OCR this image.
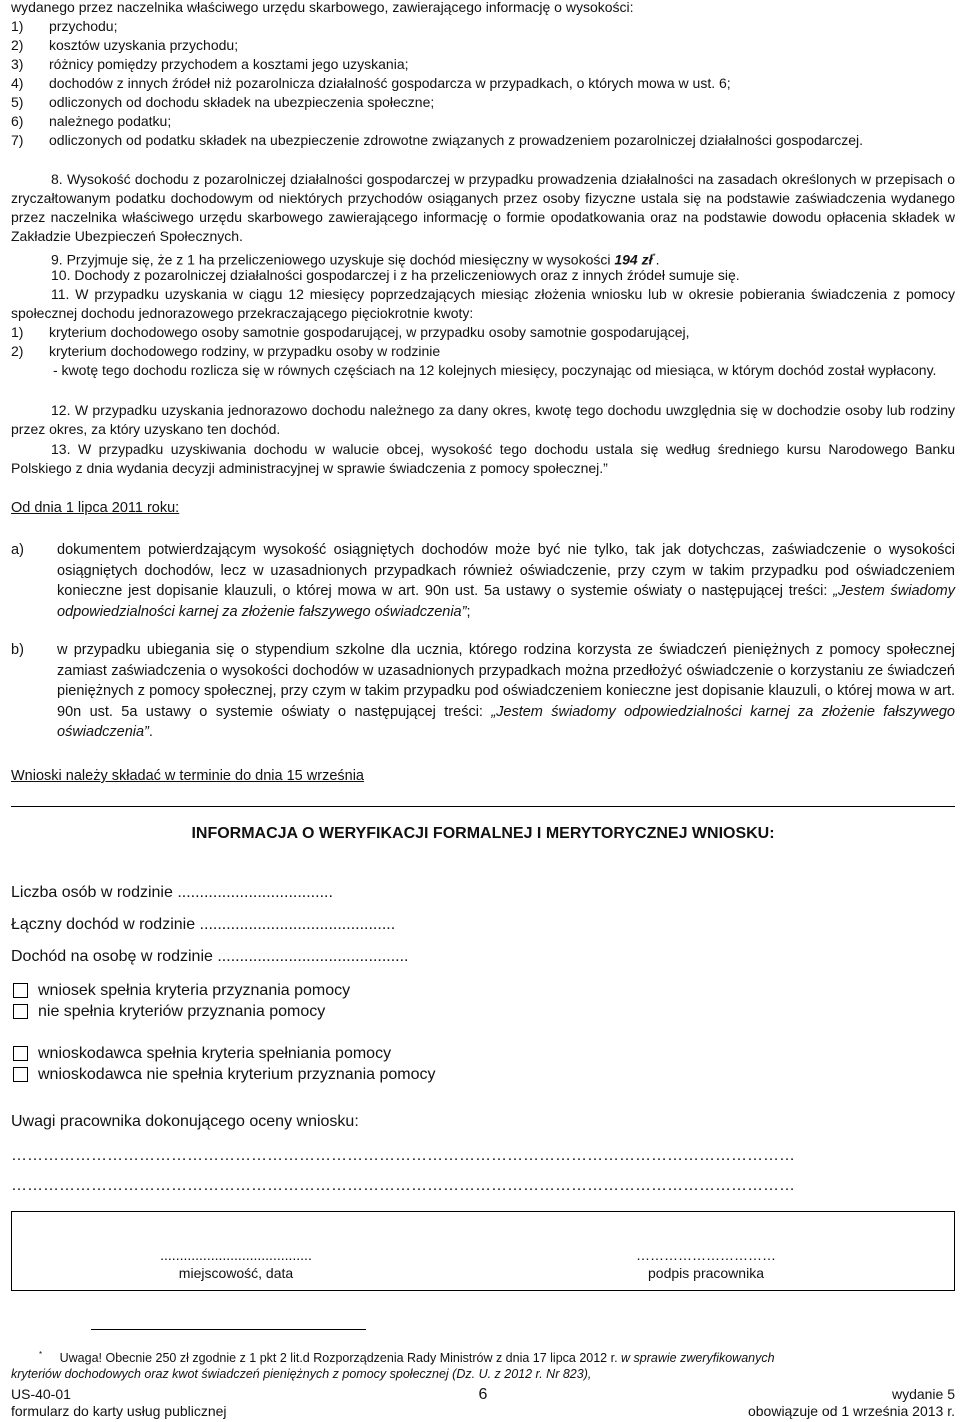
wydanego przez naczelnika właściwego urzędu skarbowego, zawierającego informację o wysokości:
1)	przychodu;
2)	kosztów uzyskania przychodu;
3)	różnicy pomiędzy przychodem a kosztami jego uzyskania;
4)	dochodów z innych źródeł niż pozarolnicza działalność gospodarcza w przypadkach, o których mowa w ust. 6;
5)	odliczonych od dochodu składek na ubezpieczenia społeczne;
6)	należnego podatku;
7)	odliczonych od podatku składek na ubezpieczenie zdrowotne związanych z prowadzeniem pozarolniczej działalności gospodarczej.

8. Wysokość dochodu z pozarolniczej działalności gospodarczej w przypadku prowadzenia działalności na zasadach określonych w przepisach o zryczałtowanym podatku dochodowym od niektórych przychodów osiąganych przez osoby fizyczne ustala się na podstawie zaświadczenia wydanego przez naczelnika właściwego urzędu skarbowego zawierającego informację o formie opodatkowania oraz na podstawie dowodu opłacenia składek w Zakładzie Ubezpieczeń Społecznych.

9. Przyjmuje się, że z 1 ha przeliczeniowego uzyskuje się dochód miesięczny w wysokości 194 zł*.

10. Dochody z pozarolniczej działalności gospodarczej i z ha przeliczeniowych oraz z innych źródeł sumuje się.

11. W przypadku uzyskania w ciągu 12 miesięcy poprzedzających miesiąc złożenia wniosku lub w okresie pobierania świadczenia z pomocy społecznej dochodu jednorazowego przekraczającego pięciokrotnie kwoty:

1)	kryterium dochodowego osoby samotnie gospodarującej, w przypadku osoby samotnie gospodarującej,
2)	kryterium dochodowego rodziny, w przypadku osoby w rodzinie

- kwotę tego dochodu rozlicza się w równych częściach na 12 kolejnych miesięcy, poczynając od miesiąca, w którym dochód został wypłacony.

12. W przypadku uzyskania jednorazowo dochodu należnego za dany okres, kwotę tego dochodu uwzględnia się w dochodzie osoby lub rodziny przez okres, za który uzyskano ten dochód.

13. W przypadku uzyskiwania dochodu w walucie obcej, wysokość tego dochodu ustala się według średniego kursu Narodowego Banku Polskiego z dnia wydania decyzji administracyjnej w sprawie świadczenia z pomocy społecznej.”

Od dnia 1 lipca 2011 roku:
a)	dokumentem potwierdzającym wysokość osiągniętych dochodów może być nie tylko, tak jak dotychczas, zaświadczenie o wysokości osiągniętych dochodów, lecz w uzasadnionych przypadkach również oświadczenie, przy czym w takim przypadku pod oświadczeniem konieczne jest dopisanie klauzuli, o której mowa w art. 90n ust. 5a ustawy o systemie oświaty o następującej treści: „Jestem świadomy odpowiedzialności karnej za złożenie fałszywego oświadczenia”;
b)	w przypadku ubiegania się o stypendium szkolne dla ucznia, którego rodzina korzysta ze świadczeń pieniężnych z pomocy społecznej zamiast zaświadczenia o wysokości dochodów w uzasadnionych przypadkach można przedłożyć oświadczenie o korzystaniu ze świadczeń pieniężnych z pomocy społecznej, przy czym w takim przypadku pod oświadczeniem konieczne jest dopisanie klauzuli, o której mowa w art. 90n ust. 5a ustawy o systemie oświaty o następującej treści: „Jestem świadomy odpowiedzialności karnej za złożenie fałszywego oświadczenia”.
Wnioski należy składać w terminie do dnia 15 września
INFORMACJA O WERYFIKACJI FORMALNEJ I MERYTORYCZNEJ WNIOSKU:
Liczba osób w rodzinie ...................................
Łączny dochód w rodzinie ............................................
Dochód na osobę w rodzinie ...........................................
wniosek spełnia kryteria przyznania pomocy
nie spełnia kryteriów przyznania pomocy
wnioskodawca spełnia kryteria spełniania pomocy
wnioskodawca nie spełnia kryterium przyznania pomocy
Uwagi pracownika dokonującego oceny wniosku:
…………………………………………………………………………………………………………………………………
…………………………………………………………………………………………………………………………………
.......................................
miejscowość, data
…………………………
podpis pracownika
* Uwaga! Obecnie 250 zł zgodnie z 1 pkt 2 lit.d Rozporządzenia Rady Ministrów z dnia 17 lipca 2012 r. w sprawie zweryfikowanych
kryteriów dochodowych oraz kwot świadczeń pieniężnych z pomocy społecznej (Dz. U. z 2012 r. Nr 823),
US-40-01	6	wydanie 5
formularz do karty usług publicznej	obowiązuje od 1 września 2013 r.
